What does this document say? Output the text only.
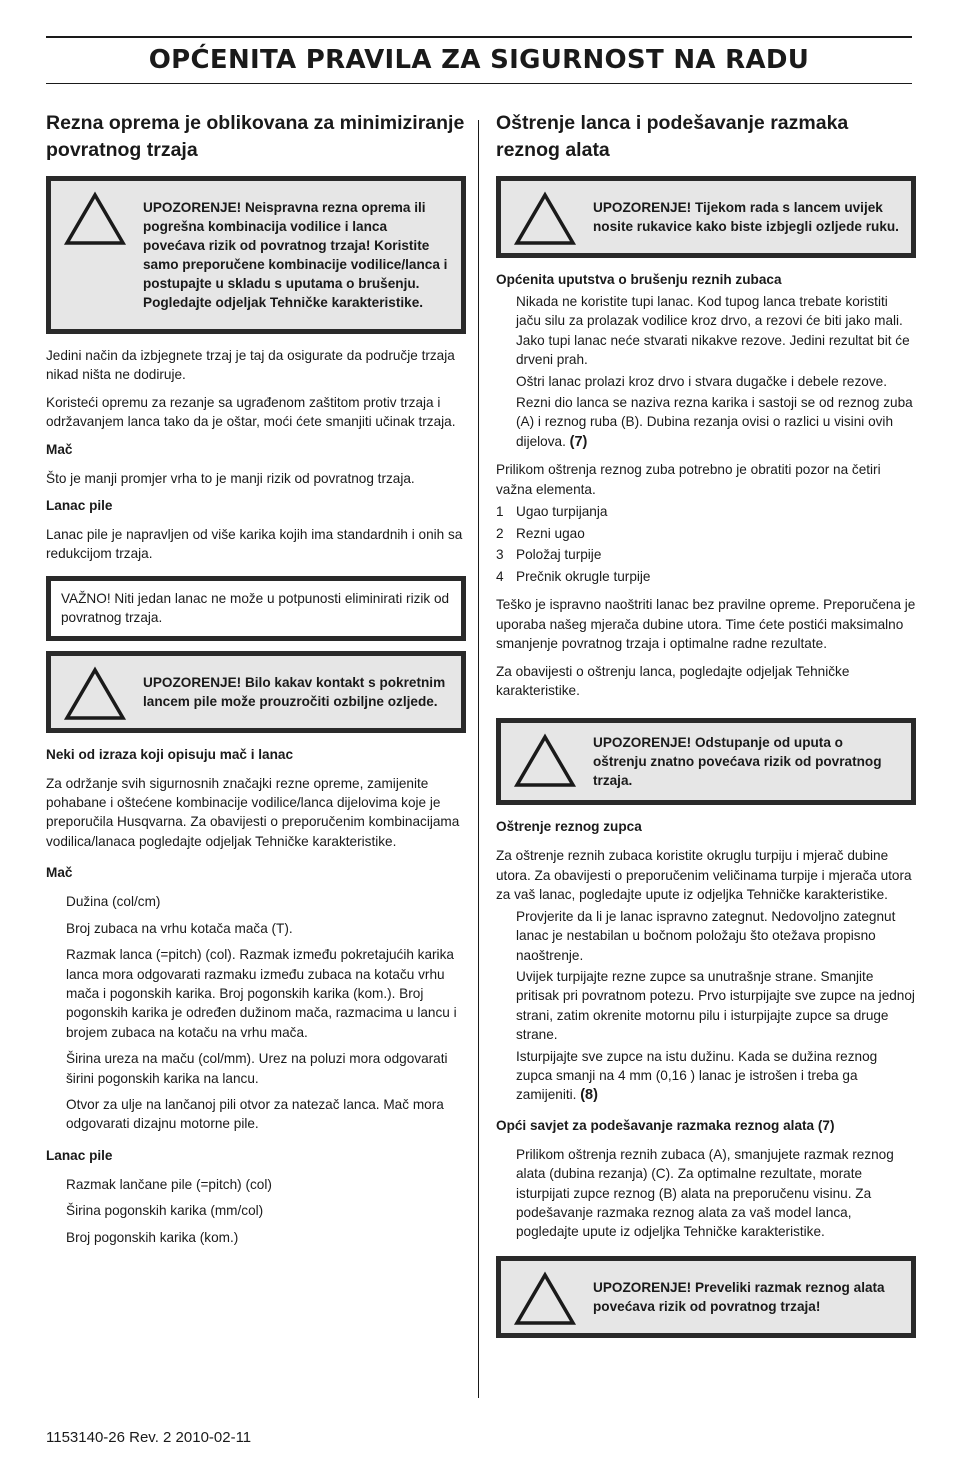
OPĆENITA PRAVILA ZA SIGURNOST NA RADU
Rezna oprema je oblikovana za minimiziranje povratnog trzaja
UPOZORENJE! Neispravna rezna oprema ili pogrešna kombinacija vodilice i lanca povećava rizik od povratnog trzaja! Koristite samo preporučene kombinacije vodilice/lanca i postupajte u skladu s uputama o brušenju. Pogledajte odjeljak Tehničke karakteristike.

Jedini način da izbjegnete trzaj je taj da osigurate da područje trzaja nikad ništa ne dodiruje.

Koristeći opremu za rezanje sa ugrađenom zaštitom protiv trzaja i održavanjem lanca tako da je oštar, moći ćete smanjiti učinak trzaja.

Mač

Što je manji promjer vrha to je manji rizik od povratnog trzaja.

Lanac pile

Lanac pile je napravljen od više karika kojih ima standardnih i onih sa redukcijom trzaja.

VAŽNO! Niti jedan lanac ne može u potpunosti eliminirati rizik od povratnog trzaja.

UPOZORENJE! Bilo kakav kontakt s pokretnim lancem pile može prouzročiti ozbiljne ozljede.
Neki od izraza koji opisuju mač i lanac

Za održanje svih sigurnosnih značajki rezne opreme, zamijenite pohabane i oštećene kombinacije vodilice/lanca dijelovima koje je preporučila Husqvarna. Za obavijesti o preporučenim kombinacijama vodilica/lanaca pogledajte odjeljak Tehničke karakteristike.

Mač

Dužina (col/cm)

Broj zubaca na vrhu kotača mača (T).

Razmak lanca (=pitch) (col). Razmak između pokretajućih karika lanca mora odgovarati razmaku između zubaca na kotaču vrhu mača i pogonskih karika. Broj pogonskih karika (kom.). Broj pogonskih karika je određen dužinom mača, razmacima u lancu i brojem zubaca na kotaču na vrhu mača.

Širina ureza na maču (col/mm). Urez na poluzi mora odgovarati širini pogonskih karika na lancu.

Otvor za ulje na lančanoj pili otvor za natezač lanca. Mač mora odgovarati dizajnu motorne pile.

Lanac pile

Razmak lančane pile (=pitch) (col)

Širina pogonskih karika (mm/col)

Broj pogonskih karika (kom.)

Oštrenje lanca i podešavanje razmaka reznog alata
UPOZORENJE! Tijekom rada s lancem uvijek nosite rukavice kako biste izbjegli ozljede ruku.
Općenita uputstva o brušenju reznih zubaca

Nikada ne koristite tupi lanac. Kod tupog lanca trebate koristiti jaču silu za prolazak vodilice kroz drvo, a rezovi će biti jako mali. Jako tupi lanac neće stvarati nikakve rezove. Jedini rezultat bit će drveni prah.

Oštri lanac prolazi kroz drvo i stvara dugačke i debele rezove.

Rezni dio lanca se naziva rezna karika i sastoji se od reznog zuba (A) i reznog ruba (B). Dubina rezanja ovisi o razlici u visini ovih dijelova. (7)

Prilikom oštrenja reznog zuba potrebno je obratiti pozor na četiri važna elementa.

1 Ugao turpijanja
2 Rezni ugao
3 Položaj turpije
4 Prečnik okrugle turpije

Teško je ispravno naoštriti lanac bez pravilne opreme. Preporučena je uporaba našeg mjerača dubine utora. Time ćete postići maksimalno smanjenje povratnog trzaja i optimalne radne rezultate.

Za obavijesti o oštrenju lanca, pogledajte odjeljak Tehničke karakteristike.

UPOZORENJE! Odstupanje od uputa o oštrenju znatno povećava rizik od povratnog trzaja.
Oštrenje reznog zupca

Za oštrenje reznih zubaca koristite okruglu turpiju i mjerač dubine utora. Za obavijesti o preporučenim veličinama turpije i mjerača utora za vaš lanac, pogledajte upute iz odjeljka Tehničke karakteristike.

Provjerite da li je lanac ispravno zategnut. Nedovoljno zategnut lanac je nestabilan u bočnom položaju što otežava propisno naoštrenje.

Uvijek turpijajte rezne zupce sa unutrašnje strane. Smanjite pritisak pri povratnom potezu. Prvo isturpijajte sve zupce na jednoj strani, zatim okrenite motornu pilu i isturpijajte zupce sa druge strane.

Isturpijajte sve zupce na istu dužinu. Kada se dužina reznog zupca smanji na 4 mm (0,16 ) lanac je istrošen i treba ga zamijeniti. (8)

Opći savjet za podešavanje razmaka reznog alata (7)

Prilikom oštrenja reznih zubaca (A), smanjujete razmak reznog alata (dubina rezanja) (C). Za optimalne rezultate, morate isturpijati zupce reznog (B) alata na preporučenu visinu. Za podešavanje razmaka reznog alata za vaš model lanca, pogledajte upute iz odjeljka Tehničke karakteristike.

UPOZORENJE! Preveliki razmak reznog alata povećava rizik od povratnog trzaja!
1153140-26 Rev. 2 2010-02-11
